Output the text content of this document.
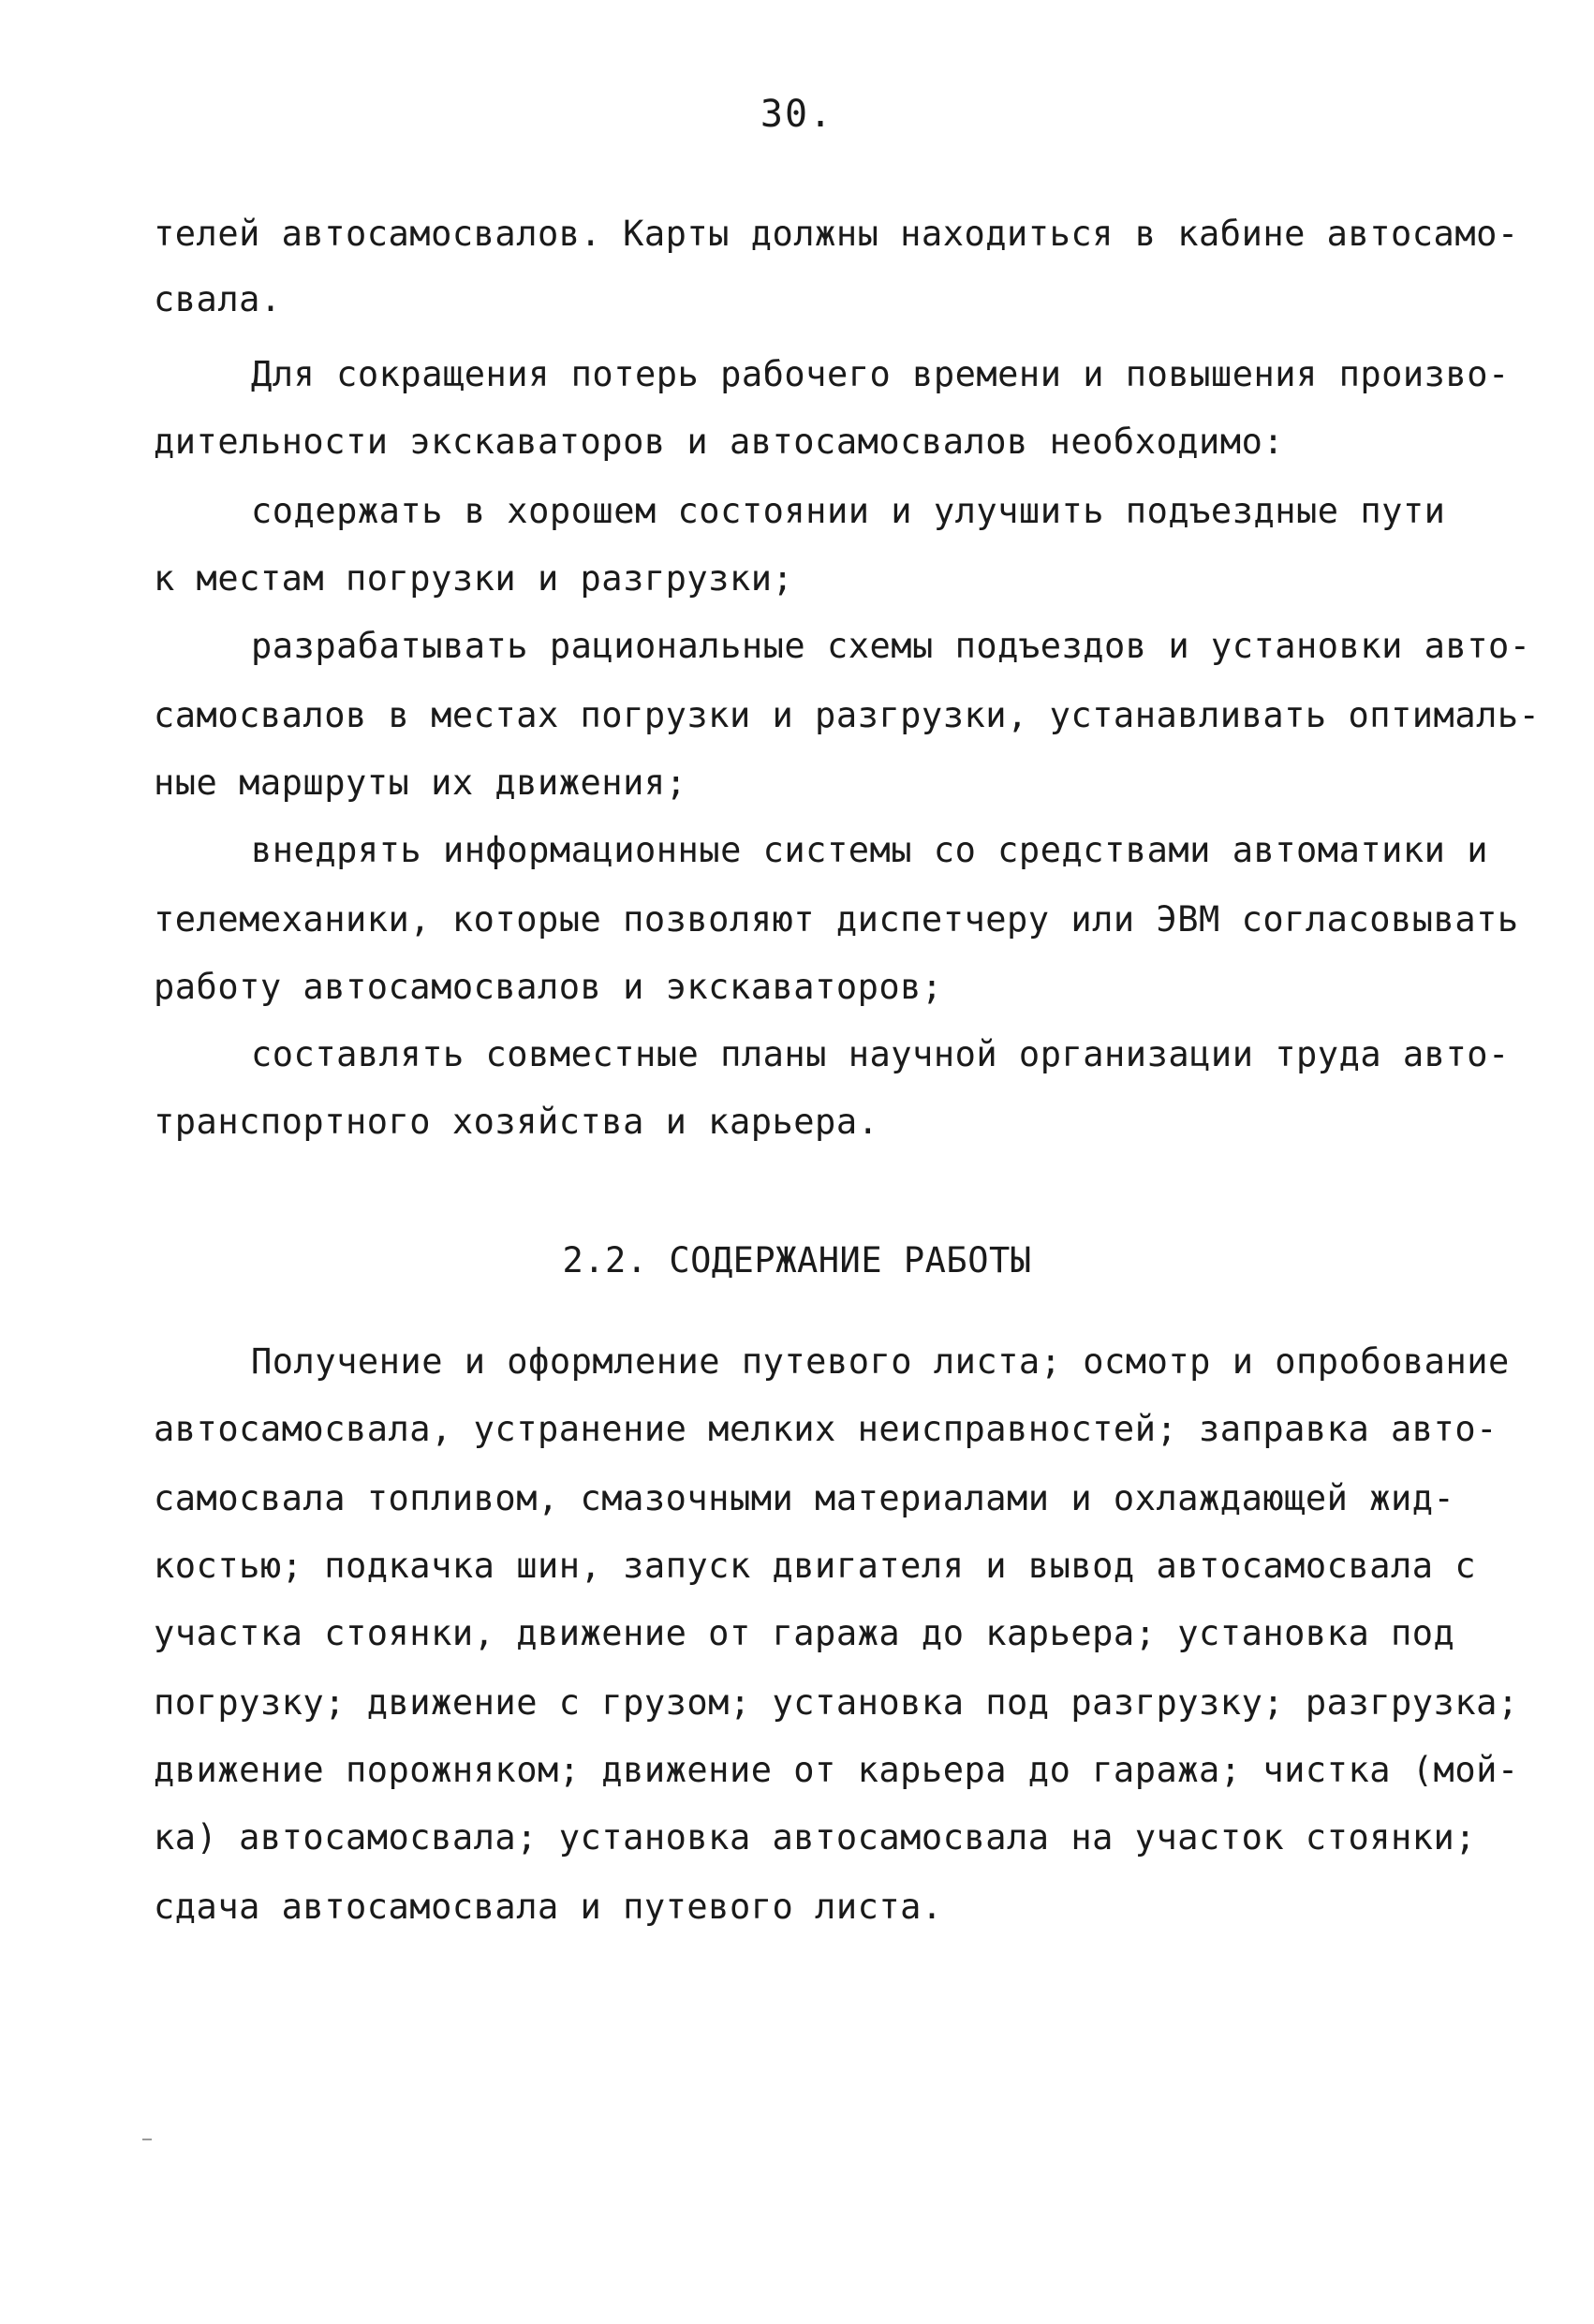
30.
телей автосамосвалов. Карты должны находиться в кабине автосамо-
свала.
Для сокращения потерь рабочего времени и повышения произво-
дительности экскаваторов и автосамосвалов необходимо:
содержать в хорошем состоянии и улучшить подъездные пути
к местам погрузки и разгрузки;
разрабатывать рациональные схемы подъездов и установки авто-
самосвалов в местах погрузки и разгрузки, устанавливать оптималь-
ные маршруты их движения;
внедрять информационные системы со средствами автоматики и
телемеханики, которые позволяют диспетчеру или ЭВМ согласовывать
работу автосамосвалов и экскаваторов;
составлять совместные планы научной организации труда авто-
транспортного хозяйства и карьера.
2.2. СОДЕРЖАНИЕ РАБОТЫ
Получение и оформление путевого листа; осмотр и опробование
автосамосвала, устранение мелких неисправностей; заправка авто-
самосвала топливом, смазочными материалами и охлаждающей жид-
костью; подкачка шин, запуск двигателя и вывод автосамосвала с
участка стоянки, движение от гаража до карьера; установка под
погрузку; движение с грузом; установка под разгрузку; разгрузка;
движение порожняком; движение от карьера до гаража; чистка (мой-
ка) автосамосвала; установка автосамосвала на участок стоянки;
сдача автосамосвала и путевого листа.
